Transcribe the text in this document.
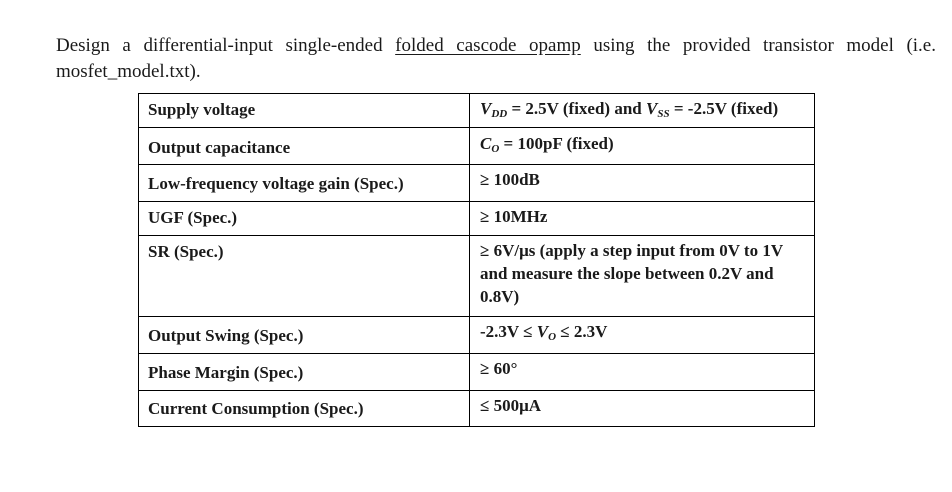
Design a differential-input single-ended folded cascode opamp using the provided transistor model (i.e. mosfet_model.txt).

Supply voltage	$V_{DD} = 2.5V$ (fixed) and $V_{SS} = -2.5V$ (fixed)
Output capacitance	$C_O = 100pF$ (fixed)
Low-frequency voltage gain (Spec.)	≥ 100dB
UGF (Spec.)	≥ 10MHz
SR (Spec.)	≥ 6V/μs (apply a step input from 0V to 1V and measure the slope between 0.2V and 0.8V)
Output Swing (Spec.)	$-2.3V \le V_O \le 2.3V$
Phase Margin (Spec.)	≥ 60°
Current Consumption (Spec.)	≤ 500μA
